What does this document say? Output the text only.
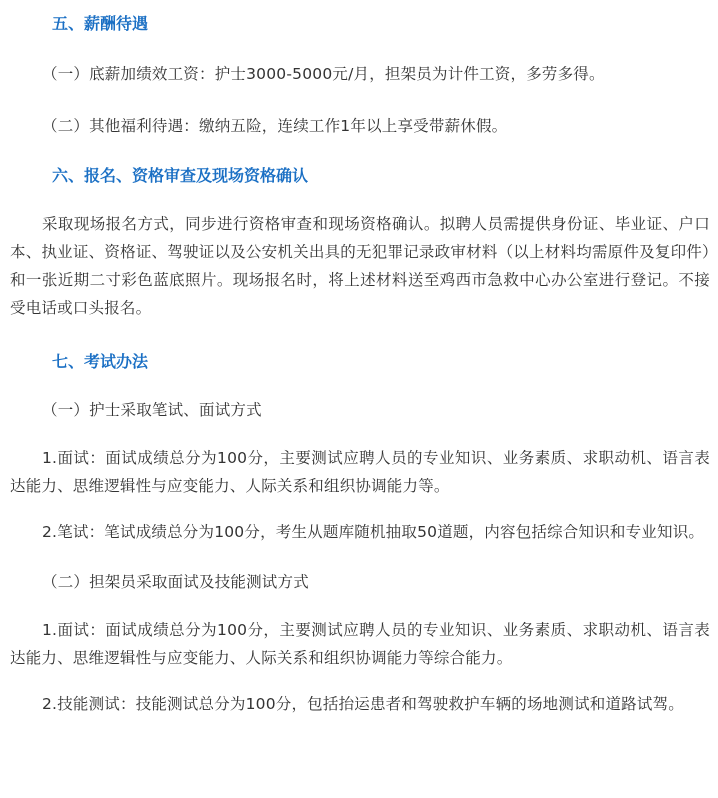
五、薪酬待遇

（一）底薪加绩效工资：护士3000-5000元/月，担架员为计件工资，多劳多得。

（二）其他福利待遇：缴纳五险，连续工作1年以上享受带薪休假。

六、报名、资格审查及现场资格确认

采取现场报名方式，同步进行资格审查和现场资格确认。拟聘人员需提供身份证、毕业证、户口本、执业证、资格证、驾驶证以及公安机关出具的无犯罪记录政审材料（以上材料均需原件及复印件）和一张近期二寸彩色蓝底照片。现场报名时，将上述材料送至鸡西市急救中心办公室进行登记。不接受电话或口头报名。

七、考试办法

（一）护士采取笔试、面试方式

1.面试：面试成绩总分为100分，主要测试应聘人员的专业知识、业务素质、求职动机、语言表达能力、思维逻辑性与应变能力、人际关系和组织协调能力等。

2.笔试：笔试成绩总分为100分，考生从题库随机抽取50道题，内容包括综合知识和专业知识。

（二）担架员采取面试及技能测试方式

1.面试：面试成绩总分为100分，主要测试应聘人员的专业知识、业务素质、求职动机、语言表达能力、思维逻辑性与应变能力、人际关系和组织协调能力等综合能力。

2.技能测试：技能测试总分为100分，包括抬运患者和驾驶救护车辆的场地测试和道路试驾。
